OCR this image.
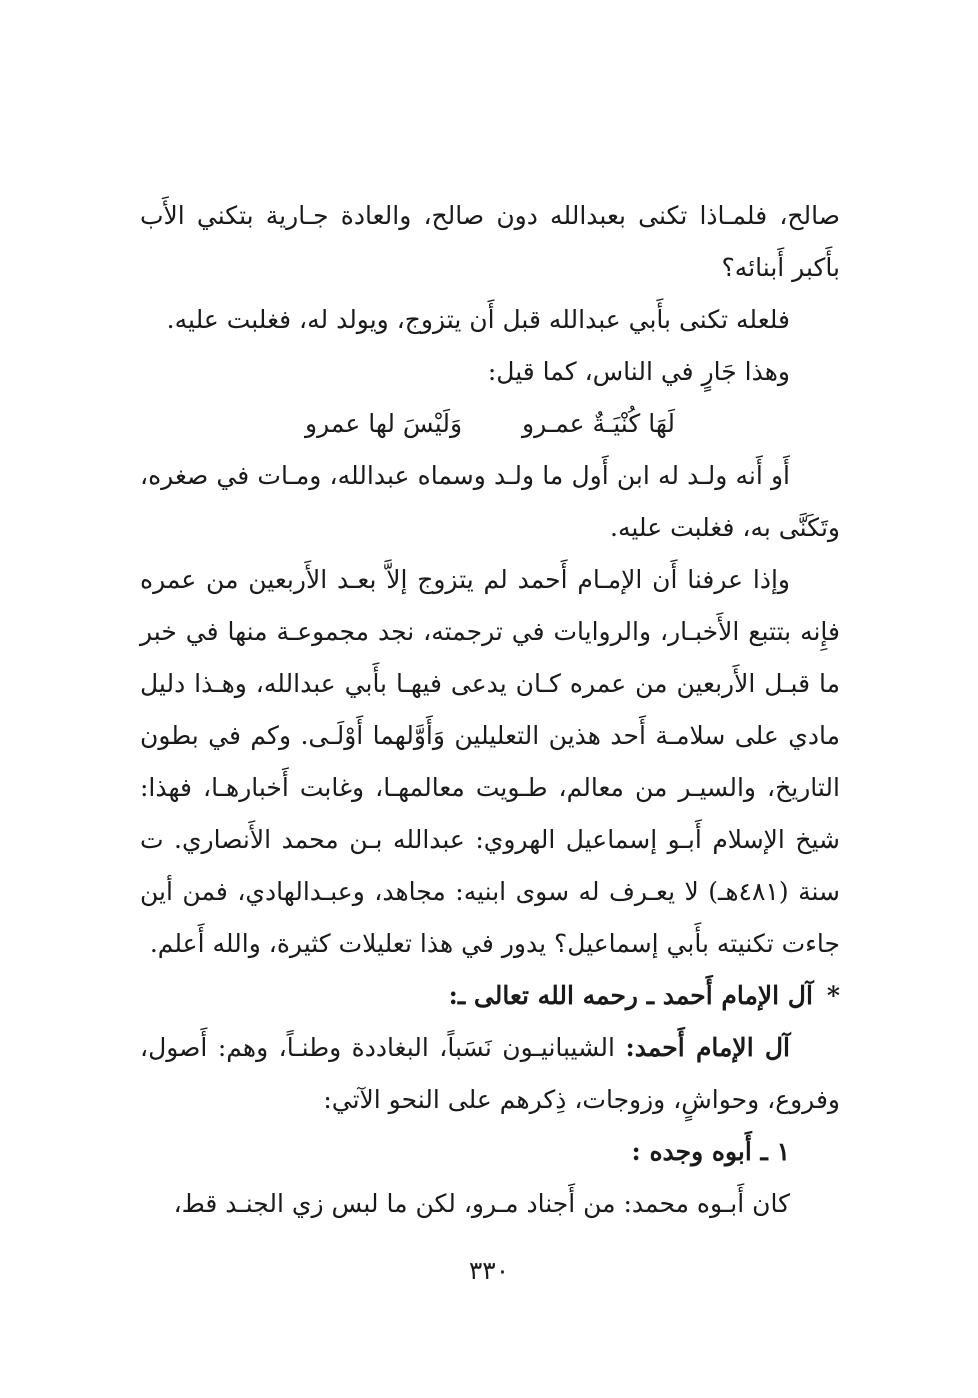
صالح، فلمـاذا تكنى بعبدالله دون صالح، والعادة جـارية بتكني الأَب بأَكبر أَبنائه؟

فلعله تكنى بأَبي عبدالله قبل أَن يتزوج، ويولد له، فغلبت عليه.

وهذا جَارٍ في الناس، كما قيل:

لَهَا كُنْيَـةٌ عمـرو
وَلَيْسَ لها عمرو

أَو أَنه ولـد له ابن أَول ما ولـد وسماه عبدالله، ومـات في صغره، وتَكَنَّى به، فغلبت عليه.

وإذا عرفنا أَن الإمـام أَحمد لم يتزوج إلاَّ بعـد الأَربعين من عمره فإِنه بتتبع الأَخبـار، والروايات في ترجمته، نجد مجموعـة منها في خبر ما قبـل الأَربعين من عمره كـان يدعى فيهـا بأَبي عبدالله، وهـذا دليل مادي على سلامـة أَحد هذين التعليلين وَأَوَّلهما أَوْلَـى. وكم في بطون التاريخ، والسيـر من معالم، طـويت معالمهـا، وغابت أَخبارهـا، فهذا: شيخ الإسلام أَبـو إسماعيل الهروي: عبدالله بـن محمد الأَنصاري. ت سنة (٤٨١هـ) لا يعـرف له سوى ابنيه: مجاهد، وعبـدالهادي، فمن أين جاءت تكنيته بأَبي إسماعيل؟ يدور في هذا تعليلات كثيرة، والله أَعلم.

*آل الإمام أَحمد ـ رحمه الله تعالى ـ:

آل الإمام أَحمد: الشيبانيـون نَسَباً، البغاددة وطنـاً، وهم: أَصول، وفروع، وحواشٍ، وزوجات، ذِكرهم على النحو الآتي:

١ ـ أَبوه وجده :

كان أَبـوه محمد: من أَجناد مـرو، لكن ما لبس زي الجنـد قط،

٣٣٠
